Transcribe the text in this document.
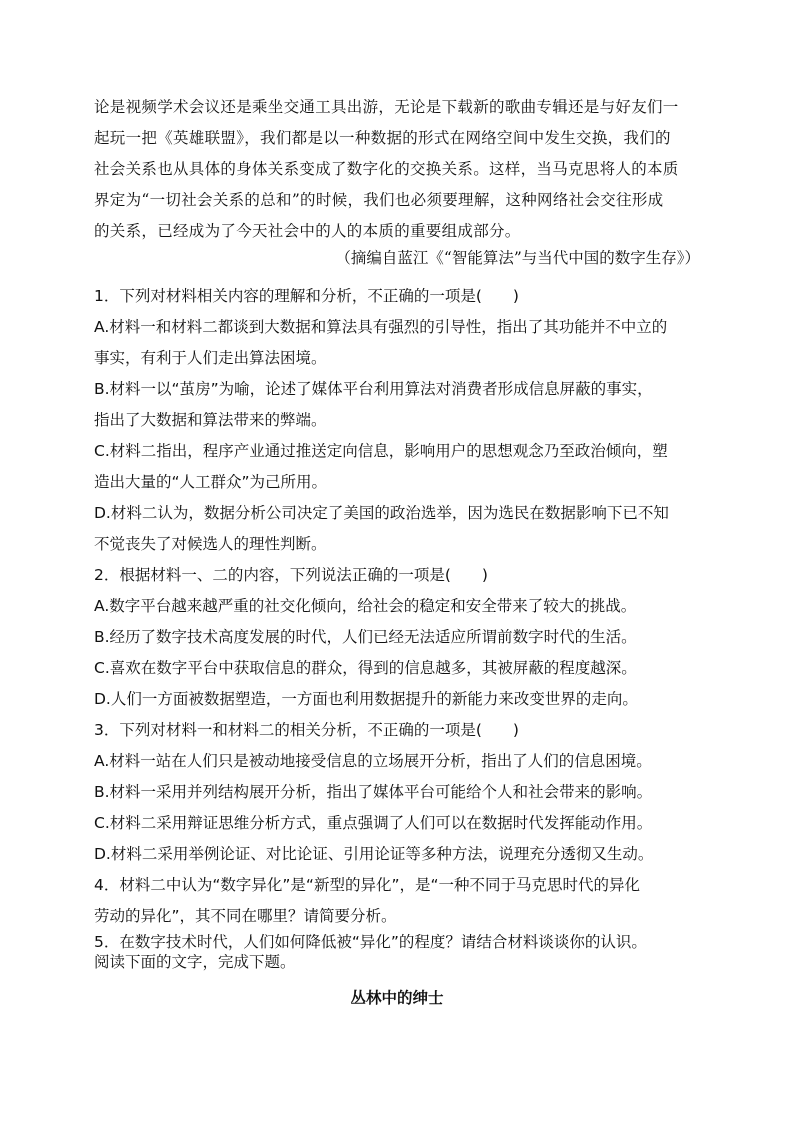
论是视频学术会议还是乘坐交通工具出游，无论是下载新的歌曲专辑还是与好友们一
起玩一把《英雄联盟》，我们都是以一种数据的形式在网络空间中发生交换，我们的
社会关系也从具体的身体关系变成了数字化的交换关系。这样，当马克思将人的本质
界定为“一切社会关系的总和”的时候，我们也必须要理解，这种网络社会交往形成
的关系，已经成为了今天社会中的人的本质的重要组成部分。
（摘编自蓝江《“智能算法”与当代中国的数字生存》）
1．下列对材料相关内容的理解和分析，不正确的一项是(　　)
A.材料一和材料二都谈到大数据和算法具有强烈的引导性，指出了其功能并不中立的
事实，有利于人们走出算法困境。
B.材料一以“茧房”为喻，论述了媒体平台利用算法对消费者形成信息屏蔽的事实，
指出了大数据和算法带来的弊端。
C.材料二指出，程序产业通过推送定向信息，影响用户的思想观念乃至政治倾向，塑
造出大量的“人工群众”为己所用。
D.材料二认为，数据分析公司决定了美国的政治选举，因为选民在数据影响下已不知
不觉丧失了对候选人的理性判断。
2．根据材料一、二的内容，下列说法正确的一项是(　　)
A.数字平台越来越严重的社交化倾向，给社会的稳定和安全带来了较大的挑战。
B.经历了数字技术高度发展的时代，人们已经无法适应所谓前数字时代的生活。
C.喜欢在数字平台中获取信息的群众，得到的信息越多，其被屏蔽的程度越深。
D.人们一方面被数据塑造，一方面也利用数据提升的新能力来改变世界的走向。
3．下列对材料一和材料二的相关分析，不正确的一项是(　　)
A.材料一站在人们只是被动地接受信息的立场展开分析，指出了人们的信息困境。
B.材料一采用并列结构展开分析，指出了媒体平台可能给个人和社会带来的影响。
C.材料二采用辩证思维分析方式，重点强调了人们可以在数据时代发挥能动作用。
D.材料二采用举例论证、对比论证、引用论证等多种方法，说理充分透彻又生动。
4．材料二中认为“数字异化”是“新型的异化”，是“一种不同于马克思时代的异化
劳动的异化”，其不同在哪里？请简要分析。
5．在数字技术时代，人们如何降低被“异化”的程度？请结合材料谈谈你的认识。
阅读下面的文字，完成下题。
丛林中的绅士
